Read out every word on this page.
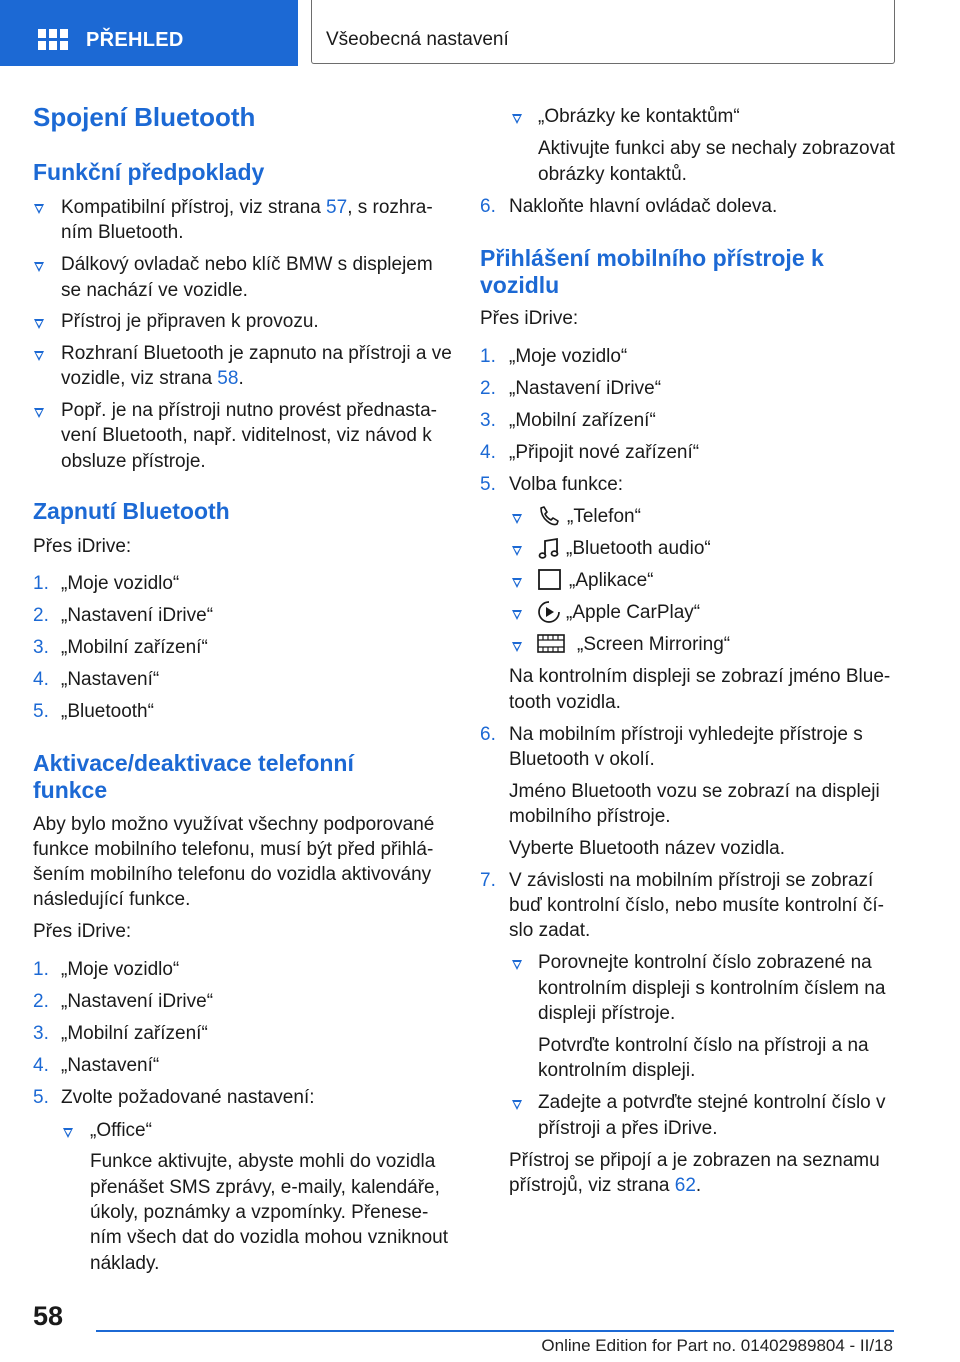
PŘEHLED	Všeobecná nastavení
Spojení Bluetooth
Funkční předpoklady
Kompatibilní přístroj, viz strana 57, s rozhra‐
ním Bluetooth.
Dálkový ovladač nebo klíč BMW s displejem
se nachází ve vozidle.
Přístroj je připraven k provozu.
Rozhraní Bluetooth je zapnuto na přístroji a ve
vozidle, viz strana 58.
Popř. je na přístroji nutno provést přednasta‐
vení Bluetooth, např. viditelnost, viz návod k
obsluze přístroje.
Zapnutí Bluetooth
Přes iDrive:
1. „Moje vozidlo“
2. „Nastavení iDrive“
3. „Mobilní zařízení“
4. „Nastavení“
5. „Bluetooth“
Aktivace/deaktivace telefonní
funkce
Aby bylo možno využívat všechny podporované
funkce mobilního telefonu, musí být před přihlá‐
šením mobilního telefonu do vozidla aktivovány
následující funkce.
Přes iDrive:
1. „Moje vozidlo“
2. „Nastavení iDrive“
3. „Mobilní zařízení“
4. „Nastavení“
5. Zvolte požadované nastavení:
„Office“
Funkce aktivujte, abyste mohli do vozidla
přenášet SMS zprávy, e-maily, kalendáře,
úkoly, poznámky a vzpomínky. Přenese‐
ním všech dat do vozidla mohou vzniknout
náklady.
„Obrázky ke kontaktům“
Aktivujte funkci aby se nechaly zobrazovat
obrázky kontaktů.
6. Nakloňte hlavní ovládač doleva.
Přihlášení mobilního přístroje k
vozidlu
Přes iDrive:
1. „Moje vozidlo“
2. „Nastavení iDrive“
3. „Mobilní zařízení“
4. „Připojit nové zařízení“
5. Volba funkce:
„Telefon“
„Bluetooth audio“
„Aplikace“
„Apple CarPlay“
„Screen Mirroring“
Na kontrolním displeji se zobrazí jméno Blue‐
tooth vozidla.
6. Na mobilním přístroji vyhledejte přístroje s
Bluetooth v okolí.
Jméno Bluetooth vozu se zobrazí na displeji
mobilního přístroje.
Vyberte Bluetooth název vozidla.
7. V závislosti na mobilním přístroji se zobrazí
buď kontrolní číslo, nebo musíte kontrolní čí‐
slo zadat.
Porovnejte kontrolní číslo zobrazené na
kontrolním displeji s kontrolním číslem na
displeji přístroje.
Potvrďte kontrolní číslo na přístroji a na
kontrolním displeji.
Zadejte a potvrďte stejné kontrolní číslo v
přístroji a přes iDrive.
Přístroj se připojí a je zobrazen na seznamu
přístrojů, viz strana 62.
58
Online Edition for Part no. 01402989804 - II/18
